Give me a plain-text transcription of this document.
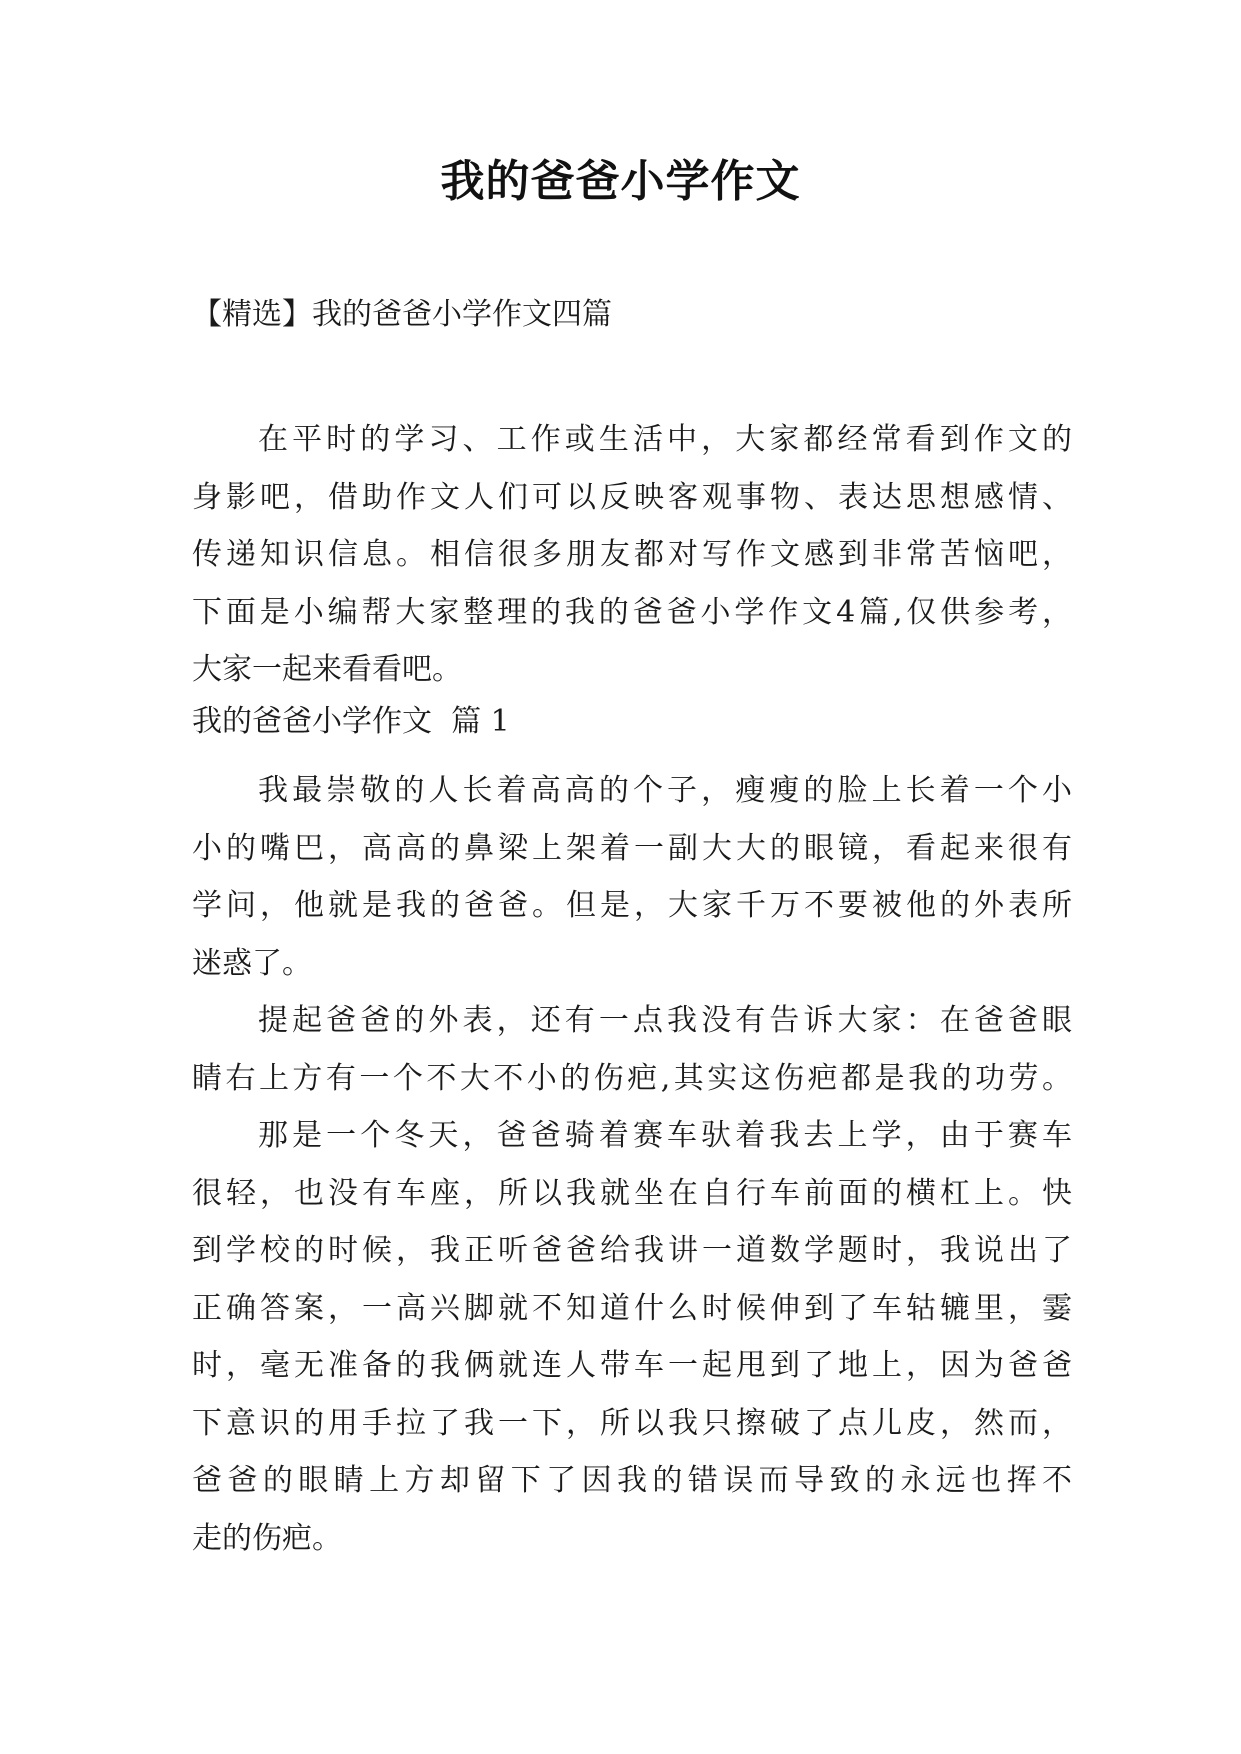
我的爸爸小学作文
【精选】我的爸爸小学作文四篇
在平时的学习、工作或生活中，大家都经常看到作文的
身影吧，借助作文人们可以反映客观事物、表达思想感情、
传递知识信息。相信很多朋友都对写作文感到非常苦恼吧，
下面是小编帮大家整理的我的爸爸小学作文4篇,仅供参考，
大家一起来看看吧。
我的爸爸小学作文  篇 1
我最崇敬的人长着高高的个子，瘦瘦的脸上长着一个小
小的嘴巴，高高的鼻梁上架着一副大大的眼镜，看起来很有
学问，他就是我的爸爸。但是，大家千万不要被他的外表所
迷惑了。
提起爸爸的外表，还有一点我没有告诉大家：在爸爸眼
睛右上方有一个不大不小的伤疤,其实这伤疤都是我的功劳。
那是一个冬天，爸爸骑着赛车驮着我去上学，由于赛车
很轻，也没有车座，所以我就坐在自行车前面的横杠上。快
到学校的时候，我正听爸爸给我讲一道数学题时，我说出了
正确答案，一高兴脚就不知道什么时候伸到了车轱辘里，霎
时，毫无准备的我俩就连人带车一起甩到了地上，因为爸爸
下意识的用手拉了我一下，所以我只擦破了点儿皮，然而，
爸爸的眼睛上方却留下了因我的错误而导致的永远也挥不
走的伤疤。
